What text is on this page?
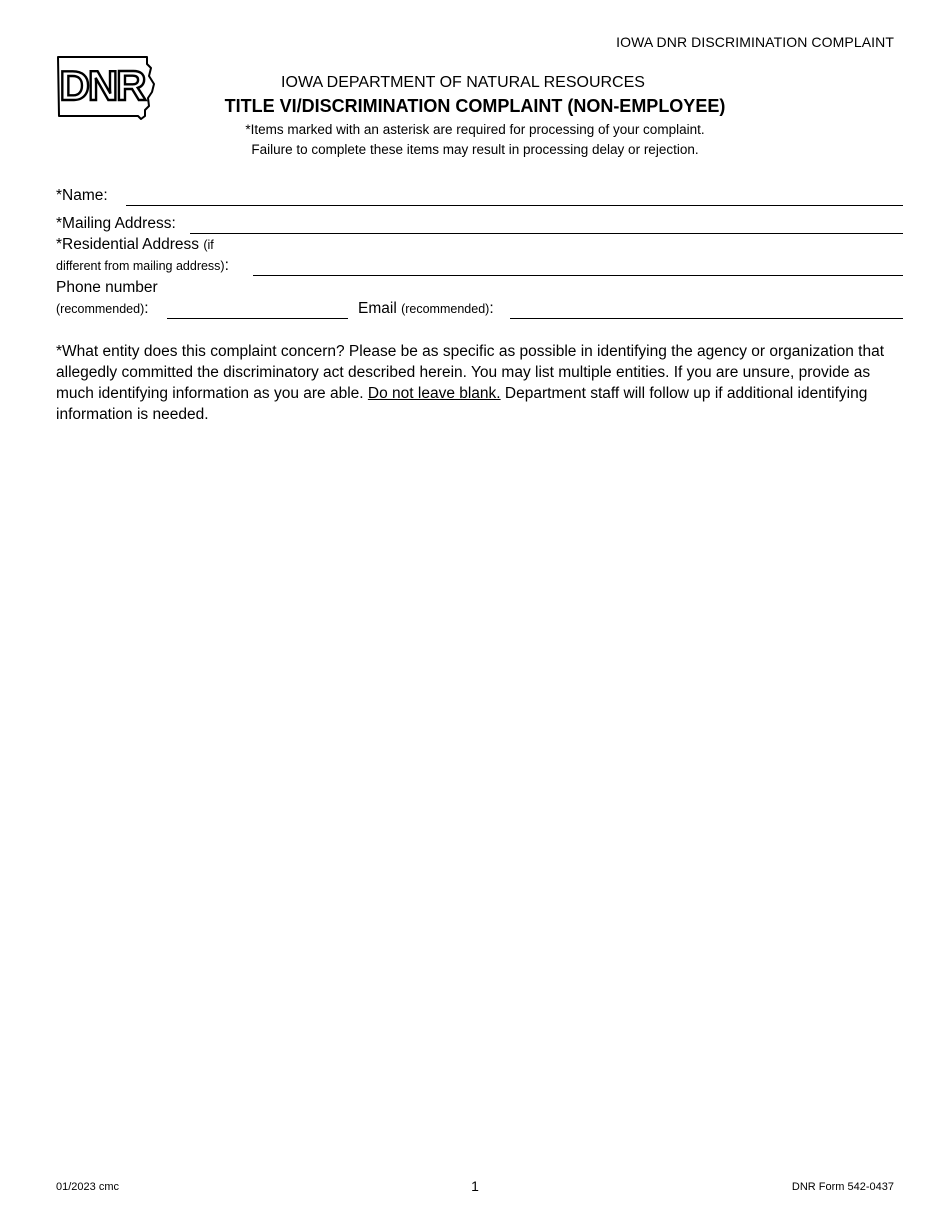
IOWA DNR DISCRIMINATION COMPLAINT
DNR	IOWA DEPARTMENT OF NATURAL RESOURCES
TITLE VI/DISCRIMINATION COMPLAINT (NON-EMPLOYEE)
*Items marked with an asterisk are required for processing of your complaint.
Failure to complete these items may result in processing delay or rejection.
*Name:
*Mailing Address:
*Residential Address (if
different from mailing address):
Phone number
(recommended):	Email (recommended):
*What entity does this complaint concern? Please be as specific as possible in identifying the agency or organization that allegedly committed the discriminatory act described herein. You may list multiple entities. If you are unsure, provide as much identifying information as you are able. Do not leave blank. Department staff will follow up if additional identifying information is needed.
01/2023 cmc	1	DNR Form 542-0437
